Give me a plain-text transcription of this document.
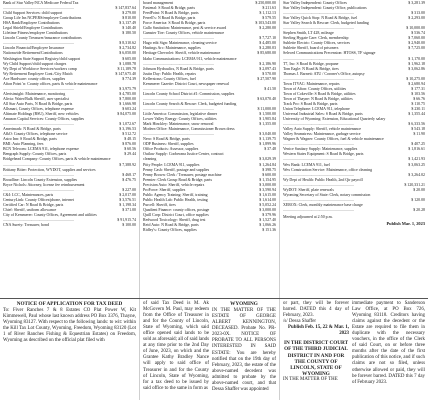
Bank of Star Valley/NCA Medicare Federal Tax
........................................................................	$ 147,837.64
Child Support Services: child support	$ 279.00
Group Life Ins NCPERS/employee Contributions	$ 810.00
HSA Bank/Employee Contributions	$ 3,137.49
Legal Shield/Employee Contributions	$ 140.40
Lifetime Fitness/employee Contributions	$ 180.50
Lincoln County Treasurer/insurance contributions
........................................................................	$ 8,310.62
Lincoln Financial/Employee Insurance	$ 2,734.82
Nationwide Retirement/Contributions	$ 6,050.00
Washington State Support Registry/child support	$ 605.00
Wy Child Support/child support charges	$ 1,088.78
Wy Dept of Workforce Services/workers comp	$ 11,189.78
Wy Retirement Employee Cont./City Match	$ 147,675.40
Ace Hardware: county offices, supplies	$ 774.39
Afton Point 'n: County offices, parts & vehicle maintenance
........................................................................	$ 3,975.79
Alertsinsight: Maintenance, monitoring	$ 4,785.00
Alivia: Water/Bulk Sheriff, user specialist	$ 7,800.00
All Star Auto Parts, N Road & Bridge, parts	$ 1,666.98
Allsmart, County Offices, telephone expense	$ 603.24
Altimate Holdings (BSU), Sheriff, new vehicles	$ 84,075.00
Amazon Capital Services: County Offices, supplies
........................................................................	$ 1,072.67
Amerimark: N Road & Bridge, parts	$ 3,196.53
A&O: County Offices, telephone service	$ 512.72
Astro Inn: S Road & Bridge, parts	$ 48.15
BMI: Auto Planning, fees	$ 876.00
BCN Telecom: LCEMA 911, telephone expense	$ 60.56
Bengraph Supply: County Offices, parts	$ 29.44
Bridgehead Company: County Offices, parts & vehicle maintenance
........................................................................	$ 7,388.92
Brittany Bitter: Protection, WYDOT, supplies and services
........................................................................	$ 468.17
Broadline: Lincoln County Extension, supplies	$ 476.75
Bryce Nichols: Attorney, license fee reimbursement
........................................................................	$ 227.00
C&I: LCC, Maintenances, parts	$ 2,017.00
CenturyLink: County Offices/phone, internet	$ 3,576.51
Certified Car: N Road & Bridge, parts	$ 1,198.34
Chief: Sheriff, uniform allowance	$ 371.00
City of Kemmerer: County Offices, Agreement and utilities
........................................................................	$ 91,915.74
CNA Surety: Treasurer, bond	$ 100.00
board management	$ 250,000.00
Fastenal: S Road & Bridge, parts	$ 211.63
FeedPoint: N Road & Bridge, parts	$ 1,112.13
Ferrell's: N Road & Bridge, parts	$ 579.55
Force America: S Road & Bridge, parts	$ 103,543.00
Gallo Sanitation: Maintenance, pest & service award	$ 2,280.00
Gamster Tire: County Offices, vehicle maintenance
........................................................................	$ 7,727.10
Hugo edit Sign: Maintenance, cleaning service	$ 4,485.00
Hastings Arc: Maintenance, supplies	$ 2,280.03
Heritage Chevrolet: Sheriff, vehicle maintenance	$ 85,680.00
Idaho Communications: LCEMA 911, vehicle maintenance
........................................................................	$ 2,186.90
Johnson Hydraulics, N Road & Bridge, parts	$ 2,097.43
Justin Day: Public Health, repairs	$ 570.00
Kellerstrass: County Offices, fuel	$ 27,507.90
Kemmerer Gazette: District Court, newspaper renewal
........................................................................	$ 41.50
Lincoln County School District #1: Commission, supplies
........................................................................	$ 63,070.40
Lincoln County Search & Rescue: Clerk, budgeted funding
........................................................................	$ 11,000.00
Little America: Commission, legislative dinner	$ 1,500.00
Lower Valley Energy: County Offices, utilities	$ 1,905.84
Mark Hinckley: Maintenance, snow removal	$ 1,355.00
Modern Office: Maintenance, Commissioner Brown dress
........................................................................	$ 3,040.00
Nero: S Road & Bridge, parts	$ 1,139.75
ODP Business: Sheriff, supplies	$ 1,899.96
Office Products: Assessor, supplies	$ 37.48
Outlaw Supply: Cooberana Justice Center, contract
cleaning	$ 3,029.39
Pitty People: LCEMA 911, supplies	$ 1,264.84
Penny Cash: Sheriff, postage and supplies	$ 398.75
Penny Brown: Clerk / Treasurer, postage machine	$ 600.00
Premier: Clerk Group Road & Bridge, parts	$ 1,154.95
Precision Auto: Sheriff, vehicle repairs	$ 3,000.00
ProForce: Sheriff, supplies	$ 3,590.94
Public Agency Training: Sheriff, training	$ 1,615.00
Public Health Lab: Public Health, testing	$ 1,614.00
Purcell: Sheriff, tires	$ 5,052.24
Quadient Finance: county offices, postage	$ 3,000.00
Quill Corp: District Court, office supplies	$ 379.96
Redwood Toxicology: Sheriff, drug test	$ 1,527.40
Reid Auto: N Road & Bridge, parts	$ 1,066.26
Ridley's: County Offices, supplies	$ 151.36
Star Valley Independent: County Offices	$ 3,281.39
Star Valley Independent: County Office, publications
........................................................................	$ 313.00
Star Valley Quick Stop: N Road & Bridge, fuel	$ 2,293.00
Star Valley Search & Rescue: Clerk, budgeted funding
........................................................................	$ 10,000.00
Stephen Smith, LT 428, mileage	$ 536.74
Sterling Hygate Care: Clerk, membership	$ 7,060.00
Sublette Electric: County Offices, services	$ 2,940.00
Sublette Sheriff, board of prisoners	$ 7,725.00
Seleced Communications Precension: HTOSS, TF signage
........................................................................	$ 1,170.00
T7, Inc: S Road & Bridge, propane	$ 1,962.18
Tom Eagle: N Road & Bridge, tires	$ 3,062.86
Thomas J. Barnett: ATU / Coroner's Office, autopsy
........................................................................	$ 10,275.00
Town ITVAC: Maintenance, repairs	$ 2,680.94
Town of Afton: County Offices, utilities	$ 177.31
Town of Cokeville: S Road & Bridge, utilities	$ 103.56
Town of Thayne: N Road & Bridge, utilities	$ 66.76
Track Pro: S Road & Bridge, parts	$ 110.75
Union Telephone: LCEMA 911, telephone	$ 230.11
Universal Industrial Sales: S Road & Bridge, parts	$ 1,355.44
University of Wyoming: Extension, Educational Quarterly salary
........................................................................	$ 6,333.56
Valley Auto Supply: Sheriff, vehicle maintenance	$ 543.18
Valley Seamstress: Maintenance, garbage service	$ 11.90
Wagner & Wagner: County Offices, fuel & vehicle maintenance
........................................................................	$ 407.25
Venice Sanitary Supply: Maintenance, supplies	$ 1,816.61
Western States Equipment: S Road & Bridge, parts
........................................................................	$ 1,421.93
Wex Bank: LCEMA 911, fuel	$ 3,063.25
Wex Construction Service: Maintenance, office cleaning
........................................................................	$ 3,264.02
Wy Dept of Health: Public Health, 2nd Qtr payroll
........................................................................	$ 120,331.21
WyDOT: Sheriff, plate renewals	$ 20.00
Wyoming Secretary of State: Clerk, notary commission
........................................................................	$ 120.00
XEROX: Clerk, monthly maintenance base charge
........................................................................	$ 20.28
Meeting adjourned at 2:50 p.m.
Publish Mar. 1, 2023
NOTICE OF APPLICATION FOR TAX DEED
To: Fiver Ranches 7 & 8 Estates CO Plat Power W, Kit Kimmewell, Paul whose last known address PO Box 3376, Thayne, Wyoming 83127. With respect to the following lands: to wit: within the Kill Tax Lot County, Wyoming, Freedom, Wyoming 83120 (Lot 1 of River Ranches Fishing & Equestrian Estates) on Freedom, Wyoming as described on the official plat filed with
of said Tax Deed is M. Ak McGovern M. Paul, may redeem from the Office of Treasurer in and for the County of Lincoln, State of Wyoming, which said office opened said lands to be sold as aforesaid; all of said lands at any time prior to the 2nd Day of June, 2023, on which and the Grantee Kathy Bradley Nance will apply to said office of Treasurer in and for the County of Lincoln, State of Wyoming, for a tax deed to be issued by said office to the same in form as
WYOMING
IN THE MATTER OF THE ESTATE OF GEORGE ALBERT KENNINGTON, DECEASED. Probate No. PR-2023-0X. NOTICE OF PROBATE TO ALL PERSONS INTERESTED IN SAID ESTATE: You are hereby notified that on the 19th day of February, 2023, the estate of the above-named decedent was admitted to probate by the above-named court, and that Dessa Shaffer was appointed
or part, they will be forever barred. DATED this 4 day of February, 2023.
/s/ Dessa Shaffer
Publish Feb. 15, 22 & Mar. 1, 2023
IN THE DISTRICT COURT OF THE THIRD JUDICIAL DISTRICT IN AND FOR THE COUNTY OF LINCOLN, STATE OF WYOMING
IN THE MATTER OF THE
immediate payment to Sanderson Law Office, at PO Box 726, Wyoming 83118. Creditors having claims against the decedent or the Estate are required to file them in duplicate with the necessary vouchers, in the office of the Clerk of said Court, on or before three months after the date of the first publication of this notice, and if such claims are not so filed, unless otherwise allowed or paid, they will be forever barred. DATED this 7 day of February 2023.
